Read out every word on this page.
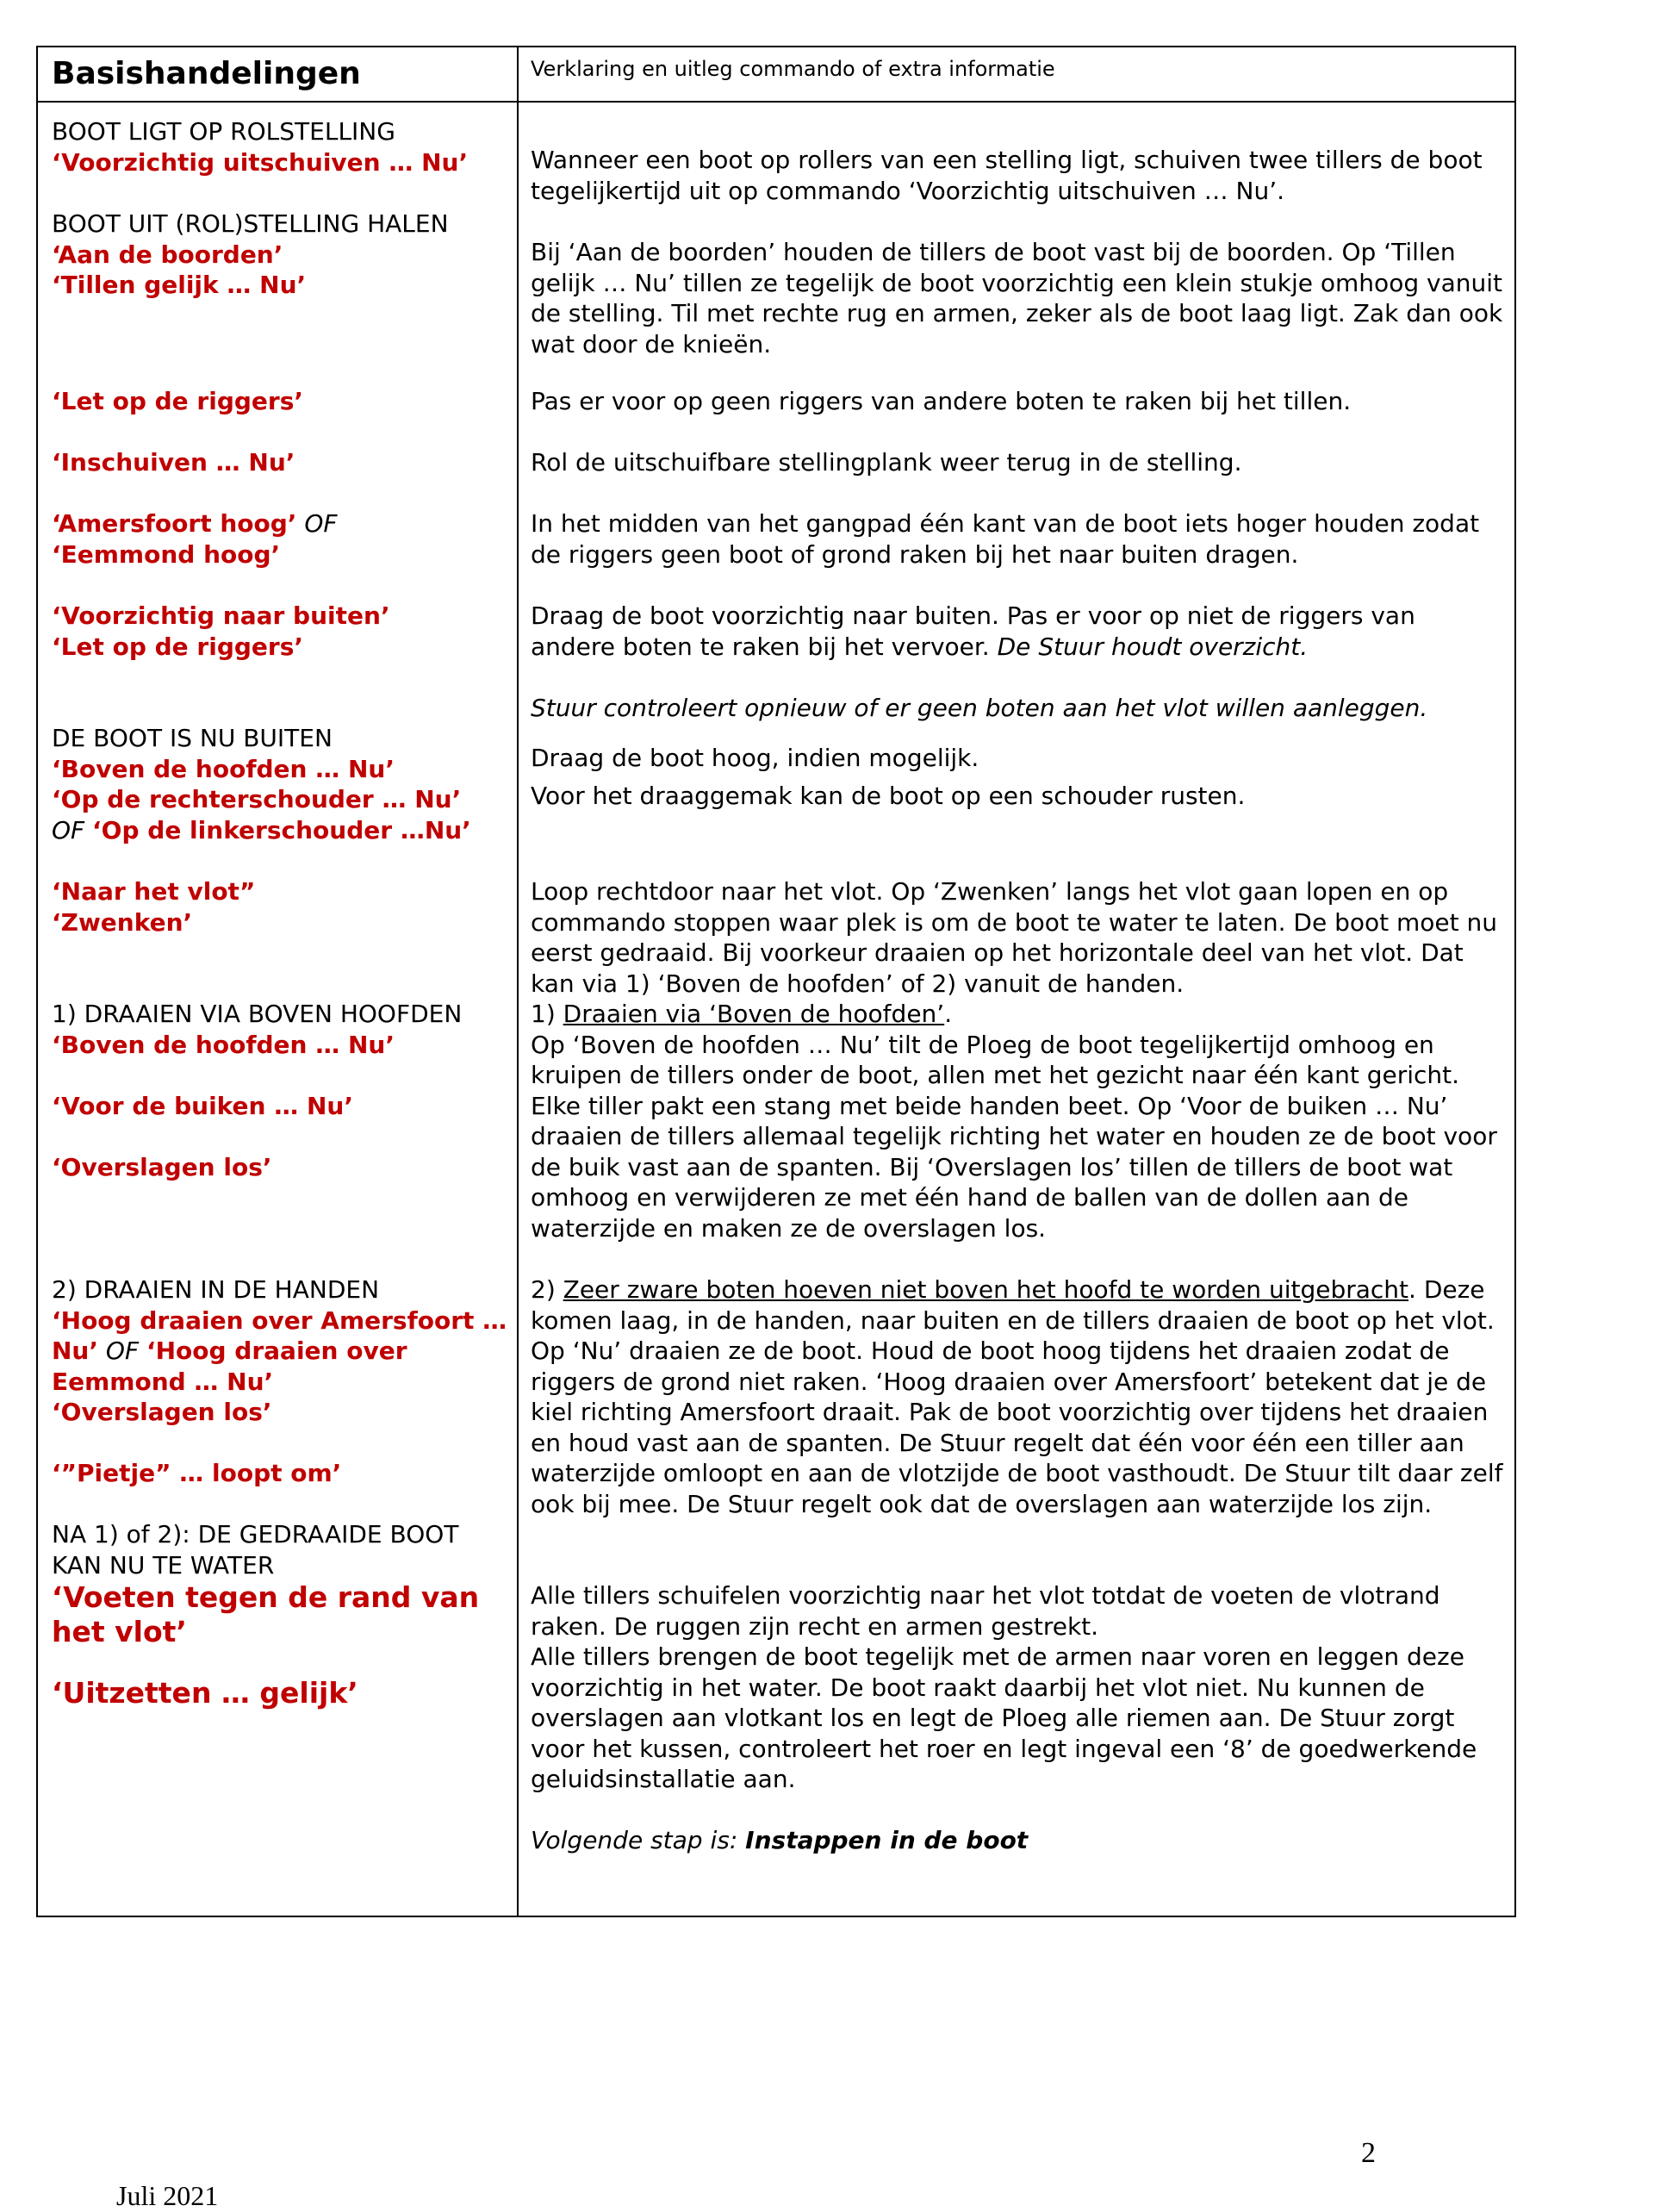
Basishandelingen	Verklaring en uitleg commando of extra informatie
BOOT LIGT OP ROLSTELLING
‘Voorzichtig uitschuiven … Nu’
BOOT UIT (ROL)STELLING HALEN
‘Aan de boorden’
‘Tillen gelijk … Nu’
‘Let op de riggers’
‘Inschuiven … Nu’
‘Amersfoort hoog’ OF
‘Eemmond hoog’
‘Voorzichtig naar buiten’
‘Let op de riggers’
DE BOOT IS NU BUITEN
‘Boven de hoofden … Nu’
‘Op de rechterschouder … Nu’
OF ‘Op de linkerschouder …Nu’
‘Naar het vlot”
‘Zwenken’
1) DRAAIEN VIA BOVEN HOOFDEN
‘Boven de hoofden … Nu’
‘Voor de buiken … Nu’
‘Overslagen los’
2) DRAAIEN IN DE HANDEN
‘Hoog draaien over Amersfoort … Nu’ OF ‘Hoog draaien over Eemmond … Nu’
‘Overslagen los’
‘”Pietje” … loopt om’
NA 1) of 2): DE GEDRAAIDE BOOT KAN NU TE WATER
‘Voeten tegen de rand van het vlot’
‘Uitzetten … gelijk’
Wanneer een boot op rollers van een stelling ligt, schuiven twee tillers de boot tegelijkertijd uit op commando ‘Voorzichtig uitschuiven … Nu’.
Bij ‘Aan de boorden’ houden de tillers de boot vast bij de boorden. Op ‘Tillen gelijk … Nu’ tillen ze tegelijk de boot voorzichtig een klein stukje omhoog vanuit de stelling. Til met rechte rug en armen, zeker als de boot laag ligt. Zak dan ook wat door de knieën.
Pas er voor op geen riggers van andere boten te raken bij het tillen.
Rol de uitschuifbare stellingplank weer terug in de stelling.
In het midden van het gangpad één kant van de boot iets hoger houden zodat de riggers geen boot of grond raken bij het naar buiten dragen.
Draag de boot voorzichtig naar buiten. Pas er voor op niet de riggers van andere boten te raken bij het vervoer. De Stuur houdt overzicht.
Stuur controleert opnieuw of er geen boten aan het vlot willen aanleggen.
Draag de boot hoog, indien mogelijk.
Voor het draaggemak kan de boot op een schouder rusten.
Loop rechtdoor naar het vlot. Op ‘Zwenken’ langs het vlot gaan lopen en op commando stoppen waar plek is om de boot te water te laten. De boot moet nu eerst gedraaid. Bij voorkeur draaien op het horizontale deel van het vlot. Dat kan via 1) ‘Boven de hoofden’ of 2) vanuit de handen.
1) Draaien via ‘Boven de hoofden’.
Op ‘Boven de hoofden … Nu’ tilt de Ploeg de boot tegelijkertijd omhoog en kruipen de tillers onder de boot, allen met het gezicht naar één kant gericht. Elke tiller pakt een stang met beide handen beet. Op ‘Voor de buiken … Nu’ draaien de tillers allemaal tegelijk richting het water en houden ze de boot voor de buik vast aan de spanten. Bij ‘Overslagen los’ tillen de tillers de boot wat omhoog en verwijderen ze met één hand de ballen van de dollen aan de waterzijde en maken ze de overslagen los.
2) Zeer zware boten hoeven niet boven het hoofd te worden uitgebracht. Deze komen laag, in de handen, naar buiten en de tillers draaien de boot op het vlot. Op ‘Nu’ draaien ze de boot. Houd de boot hoog tijdens het draaien zodat de riggers de grond niet raken. ‘Hoog draaien over Amersfoort’ betekent dat je de kiel richting Amersfoort draait. Pak de boot voorzichtig over tijdens het draaien en houd vast aan de spanten. De Stuur regelt dat één voor één een tiller aan waterzijde omloopt en aan de vlotzijde de boot vasthoudt. De Stuur tilt daar zelf ook bij mee. De Stuur regelt ook dat de overslagen aan waterzijde los zijn.
Alle tillers schuifelen voorzichtig naar het vlot totdat de voeten de vlotrand raken. De ruggen zijn recht en armen gestrekt.
Alle tillers brengen de boot tegelijk met de armen naar voren en leggen deze voorzichtig in het water. De boot raakt daarbij het vlot niet. Nu kunnen de overslagen aan vlotkant los en legt de Ploeg alle riemen aan. De Stuur zorgt voor het kussen, controleert het roer en legt ingeval een ‘8’ de goedwerkende geluidsinstallatie aan.
Volgende stap is: Instappen in de boot
2
Juli 2021
